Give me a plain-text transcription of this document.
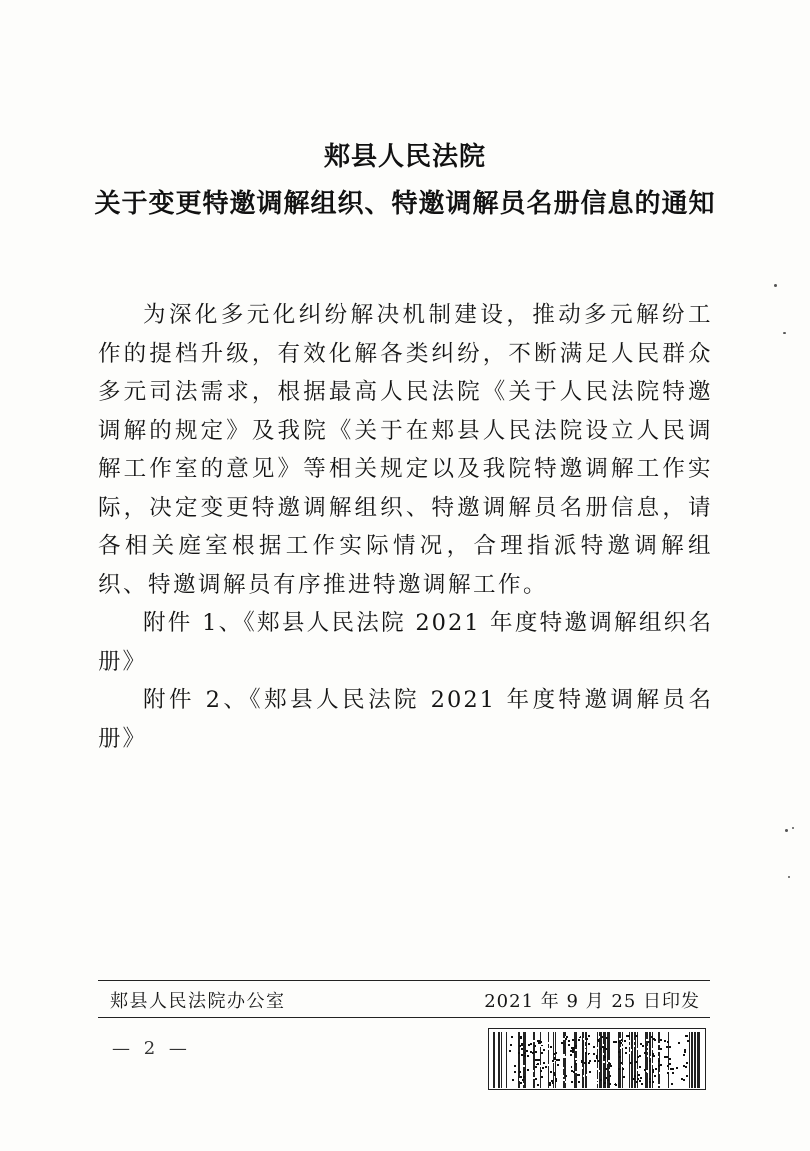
郏县人民法院
关于变更特邀调解组织、特邀调解员名册信息的通知

为深化多元化纠纷解决机制建设，推动多元解纷工作的提档升级，有效化解各类纠纷，不断满足人民群众多元司法需求，根据最高人民法院《关于人民法院特邀调解的规定》及我院《关于在郏县人民法院设立人民调解工作室的意见》等相关规定以及我院特邀调解工作实际，决定变更特邀调解组织、特邀调解员名册信息，请各相关庭室根据工作实际情况，合理指派特邀调解组织、特邀调解员有序推进特邀调解工作。

附件 1、《郏县人民法院 2021 年度特邀调解组织名册》

附件 2、《郏县人民法院 2021 年度特邀调解员名册》

郏县人民法院办公室	2021 年 9 月 25 日印发
— 2 —
